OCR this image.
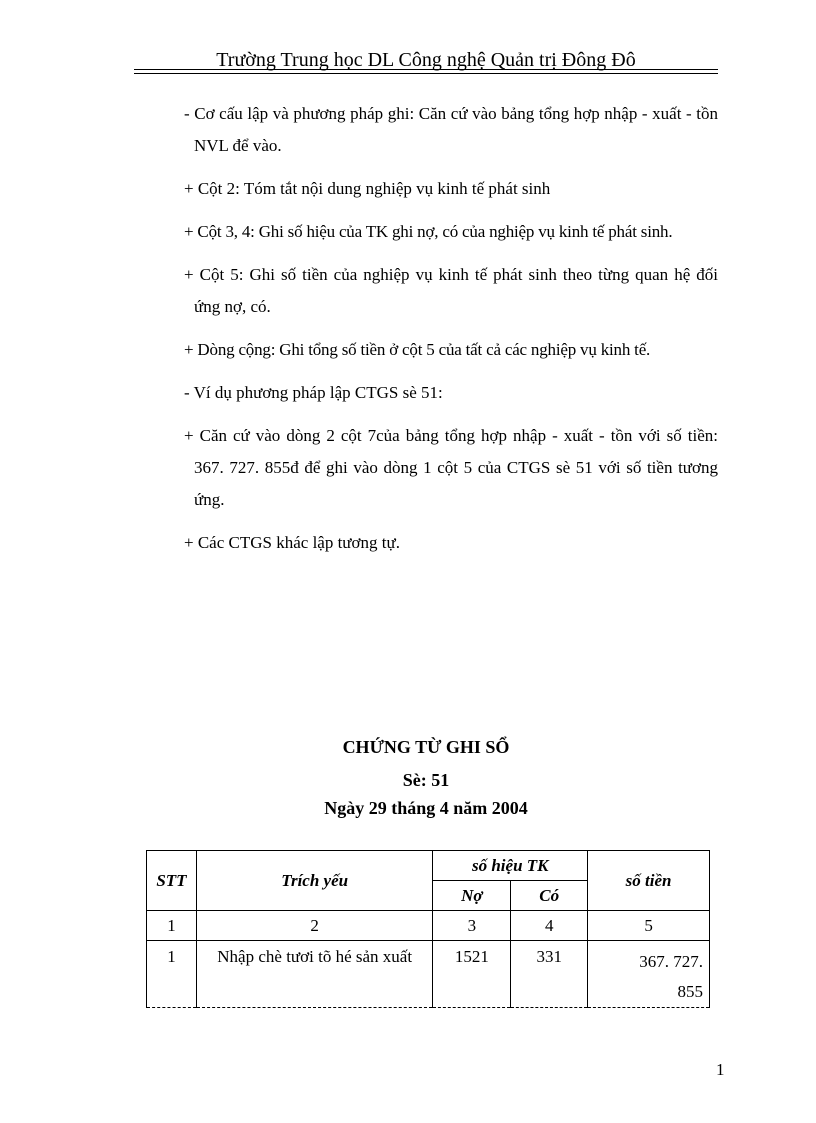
Trường Trung học DL Công nghệ Quản trị Đông Đô

- Cơ cấu lập và phương pháp ghi: Căn cứ vào bảng tổng hợp nhập - xuất - tồn NVL để vào.

+ Cột 2: Tóm tắt nội dung nghiệp vụ kinh tế phát sinh

+ Cột 3, 4: Ghi số hiệu của TK ghi nợ, có của nghiệp vụ kinh tế phát sinh.

+ Cột 5: Ghi số tiền của nghiệp vụ kinh tế phát sinh theo từng quan hệ đối ứng nợ, có.

+ Dòng cộng: Ghi tổng số tiền ở cột 5 của tất cả các nghiệp vụ kinh tế.

- Ví dụ phương pháp lập CTGS sè 51:

+ Căn cứ vào dòng 2 cột 7của bảng tổng hợp nhập - xuất - tồn với số tiền: 367. 727. 855đ để ghi vào dòng 1 cột 5 của CTGS sè 51 với số tiền tương ứng.

+ Các CTGS khác lập tương tự.

CHỨNG TỪ GHI SỔ
Sè: 51
Ngày 29 tháng 4 năm 2004
STT	Trích yếu	số hiệu TK		số tiền
		Nợ	Có	
1	2	3	4	5
1	Nhập chè tươi tõ hé sản xuất	1521	331	367. 727. 855
1
